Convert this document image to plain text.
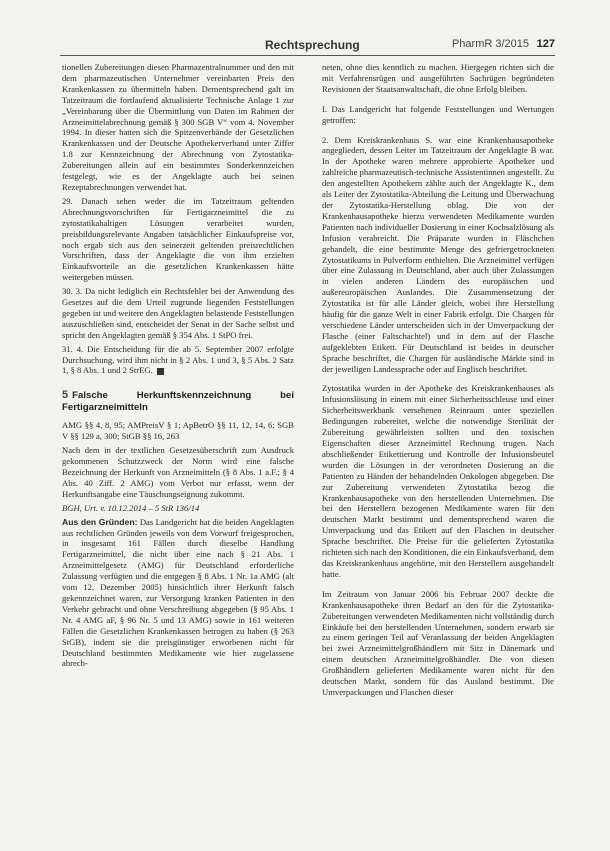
Rechtsprechung	PharmR 3/2015 127

tionellen Zubereitungen diesen Pharmazentralnummer und den mit dem pharmazeutischen Unternehmer vereinbarten Preis den Krankenkassen zu übermitteln haben. Dementsprechend galt im Tatzeitraum die fortlaufend aktualisierte Technische Anlage 1 zur „Vereinbarung über die Übermittlung von Daten im Rahmen der Arzneimittelabrechnung gemäß § 300 SGB V“ vom 4. November 1994. In dieser hatten sich die Spitzenverbände der Gesetzlichen Krankenkassen und der Deutsche Apothekerverband unter Ziffer 1.8 zur Kennzeichnung der Abrechnung von Zytostatika-Zubereitungen allein auf ein bestimmtes Sonderkennzeichen festgelegt, wie es der Angeklagte auch bei seinen Rezeptabrechnungen verwendet hat.

29. Danach sehen weder die im Tatzeitraum geltenden Abrechnungsvorschriften für Fertigarzneimittel die zu zytostatikahaltigen Lösungen verarbeitet wurden, preisbildungsrelevante Angaben tatsächlicher Einkaufspreise vor, noch ergab sich aus den seinerzeit geltenden preisrechtlichen Vorschriften, dass der Angeklagte die von ihm erzielten Einkaufsvorteile an die gesetzlichen Krankenkassen hätte weitergeben müssen.

30. 3. Da nicht lediglich ein Rechtsfehler bei der Anwendung des Gesetzes auf die dem Urteil zugrunde liegenden Feststellungen gegeben ist und weitere den Angeklagten belastende Feststellungen auszuschließen sind, entscheidet der Senat in der Sache selbst und spricht den Angeklagten gemäß § 354 Abs. 1 StPO frei.

31. 4. Die Entscheidung für die ab 5. September 2007 erfolgte Durchsuchung, wird ihm nicht in § 2 Abs. 1 und 3, § 5 Abs. 2 Satz 1, § 8 Abs. 1 und 2 StrEG.

5 Falsche Herkunftskennzeichnung bei Fertigarzneimitteln

AMG §§ 4, 8, 95; AMPreisV § 1; ApBetrO §§ 11, 12, 14, 6; SGB V §§ 129 a, 300; StGB §§ 16, 263

Nach dem in der textlichen Gesetzesüberschrift zum Ausdruck gekommenen Schutzzweck der Norm wird eine falsche Bezeichnung der Herkunft von Arzneimitteln (§ 8 Abs. 1 a.F.; § 4 Abs. 40 Ziff. 2 AMG) vom Verbot nur erfasst, wenn der Herkunftsangabe eine Täuschungseignung zukommt.

BGH, Urt. v. 10.12.2014 – 5 StR 136/14

Aus den Gründen: Das Landgericht hat die beiden Angeklagten aus rechtlichen Gründen jeweils von dem Vorwurf freigesprochen, in insgesamt 161 Fällen durch dieselbe Handlung Fertigarzneimittel, die nicht über eine nach § 21 Abs. 1 Arzneimittelgesetz (AMG) für Deutschland erforderliche Zulassung verfügten und die entgegen § 8 Abs. 1 Nr. 1a AMG (alt vom 12. Dezember 2005) hinsichtlich ihrer Herkunft falsch gekennzeichnet waren, zur Versorgung kranken Patienten in den Verkehr gebracht und ohne Verschreibung abgegeben (§ 95 Abs. 1 Nr. 4 AMG aF, § 96 Nr. 5 und 13 AMG) sowie in 161 weiteren Fällen die Gesetzlichen Krankenkassen betrogen zu haben (§ 263 StGB), indem sie die preisgünstiger erworbenen nicht für Deutschland bestimmten Medikamente wie hier zugelassene abrech-

neten, ohne dies kenntlich zu machen. Hiergegen richten sich die mit Verfahrensrügen und ausgeführten Sachrügen begründeten Revisionen der Staatsanwaltschaft, die ohne Erfolg bleiben.

I. Das Landgericht hat folgende Feststellungen und Wertungen getroffen:

2. Dem Kreiskrankenhaus S. war eine Krankenhausapotheke angegliedert, dessen Leiter im Tatzeitraum der Angeklagte B war. In der Apotheke waren mehrere approbierte Apotheker und zahlreiche pharmazeutisch-technische Assistentinnen angestellt. Zu den angestellten Apothekern zählte auch der Angeklagte K., dem als Leiter der Zytostatika-Abteilung die Leitung und Überwachung der Zytostatika-Herstellung oblag. Die von der Krankenhausapotheke hierzu verwendeten Medikamente wurden Patienten nach individueller Dosierung in einer Kochsalzlösung als Infusion verabreicht. Die Präparate wurden in Fläschchen gehandelt, die eine bestimmte Menge des gefriergetrockneten Zytostatikums in Pulverform enthielten. Die Arzneimittel verfügen über eine Zulassung in Deutschland, aber auch über Zulassungen in vielen anderen Ländern des europäischen und außereuropäischen Auslandes. Die Zusammensetzung der Zytostatika ist für alle Länder gleich, wobei ihre Herstellung häufig für die ganze Welt in einer Fabrik erfolgt. Die Chargen für verschiedene Länder unterscheiden sich in der Umverpackung der Flasche (einer Faltschachtel) und in dem auf der Flasche aufgeklebten Etikett. Für Deutschland ist beides in deutscher Sprache beschriftet, die Chargen für ausländische Märkte sind in der jeweiligen Landessprache oder auf Englisch beschriftet.

Zytostatika wurden in der Apotheke des Kreiskrankenhauses als Infusionslösung in einem mit einer Sicherheitsschleuse und einer Sicherheitswerkbank versehenen Reinraum unter speziellen Bedingungen zubereitet, welche die notwendige Sterilität der Zubereitung gewährleisten sollten und den toxischen Eigenschaften dieser Arzneimittel Rechnung trugen. Nach abschließender Etikettierung und Kontrolle der Infusionsbeutel wurden die Lösungen in der verordneten Dosierung an die Patienten zu Händen der behandelnden Onkologen abgegeben. Die zur Zubereitung verwendeten Zytostatika bezog die Krankenhausapotheke von den herstellenden Unternehmen. Die bei den Herstellern bezogenen Medikamente waren für den deutschen Markt bestimmt und dementsprechend waren die Umverpackung und das Etikett auf den Flaschen in deutscher Sprache beschriftet. Die Preise für die gelieferten Zytostatika richteten sich nach den Konditionen, die ein Einkaufsverband, dem das Kreiskrankenhaus angehörte, mit den Herstellern ausgehandelt hatte.

Im Zeitraum von Januar 2006 bis Februar 2007 deckte die Krankenhausapotheke ihren Bedarf an den für die Zytostatika-Zubereitungen verwendeten Medikamenten nicht vollständig durch Einkäufe bei den herstellenden Unternehmen, sondern erwarb sie zu einem geringen Teil auf Veranlassung der beiden Angeklagten bei zwei Arzneimittelgroßhändlern mit Sitz in Dänemark und einem deutschen Arzneimittelgroßhändler. Die von diesen Großhändlern gelieferten Medikamente waren nicht für den deutschen Markt, sondern für das Ausland bestimmt. Die Umverpackungen und Flaschen dieser
